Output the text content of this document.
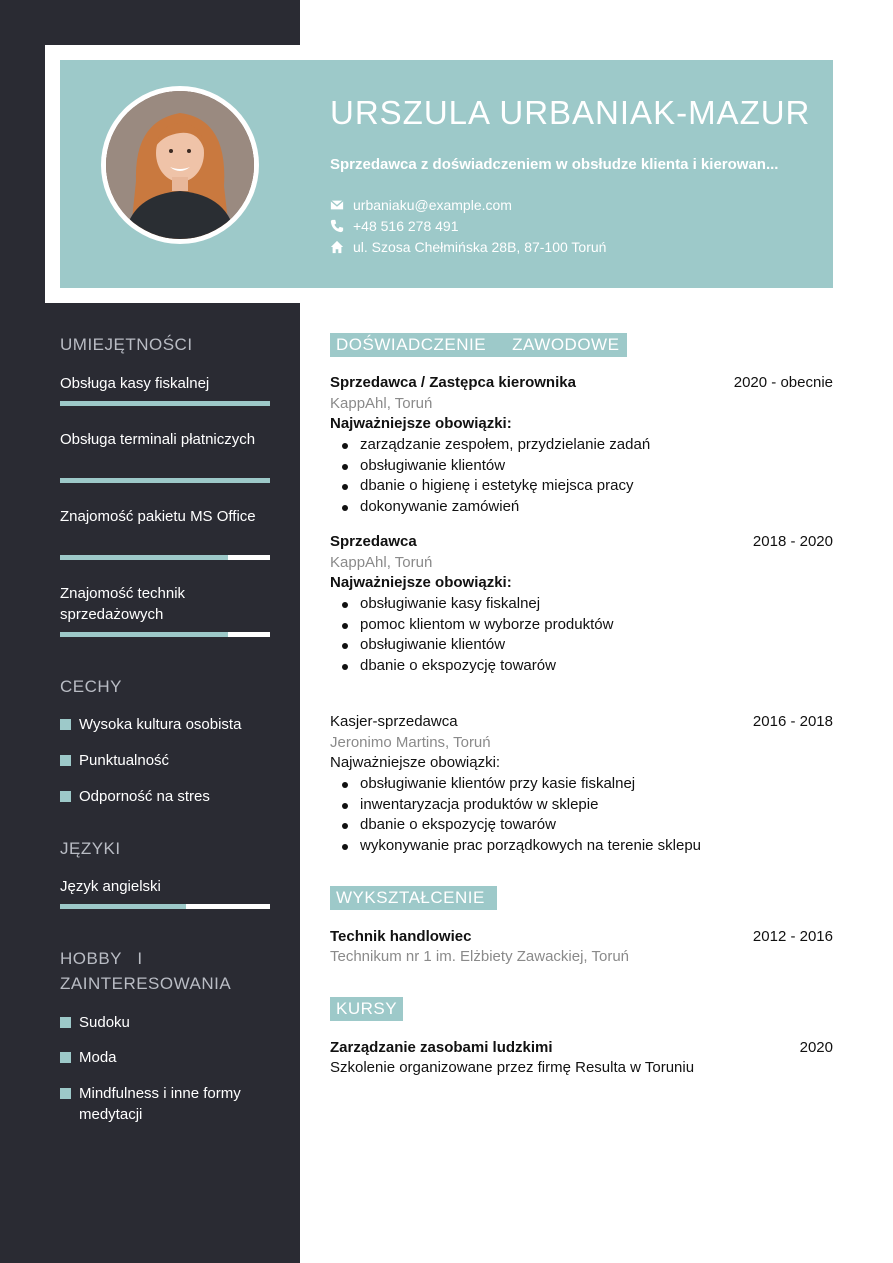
URSZULA URBANIAK-MAZUR
Sprzedawca z doświadczeniem w obsłudze klienta i kierowan...
urbaniaku@example.com
+48 516 278 491
ul. Szosa Chełmińska 28B, 87-100 Toruń
UMIEJĘTNOŚCI
Obsługa kasy fiskalnej
Obsługa terminali płatniczych
Znajomość pakietu MS Office
Znajomość technik sprzedażowych
CECHY
Wysoka kultura osobista
Punktualność
Odporność na stres
JĘZYKI
Język angielski
HOBBY   I
ZAINTERESOWANIA
Sudoku
Moda
Mindfulness i inne formy medytacji
DOŚWIADCZENIE     ZAWODOWE
Sprzedawca / Zastępca kierownika	2020 - obecnie
KappAhl, Toruń
Najważniejsze obowiązki:
zarządzanie zespołem, przydzielanie zadań
obsługiwanie klientów
dbanie o higienę i estetykę miejsca pracy
dokonywanie zamówień
Sprzedawca	2018 - 2020
KappAhl, Toruń
Najważniejsze obowiązki:
obsługiwanie kasy fiskalnej
pomoc klientom w wyborze produktów
obsługiwanie klientów
dbanie o ekspozycję towarów
Kasjer-sprzedawca	2016 - 2018
Jeronimo Martins, Toruń
Najważniejsze obowiązki:
obsługiwanie klientów przy kasie fiskalnej
inwentaryzacja produktów w sklepie
dbanie o ekspozycję towarów
wykonywanie prac porządkowych na terenie sklepu
WYKSZTAŁCENIE
Technik handlowiec	2012 - 2016
Technikum nr 1 im. Elżbiety Zawackiej, Toruń
KURSY
Zarządzanie zasobami ludzkimi	2020
Szkolenie organizowane przez firmę Resulta w Toruniu
